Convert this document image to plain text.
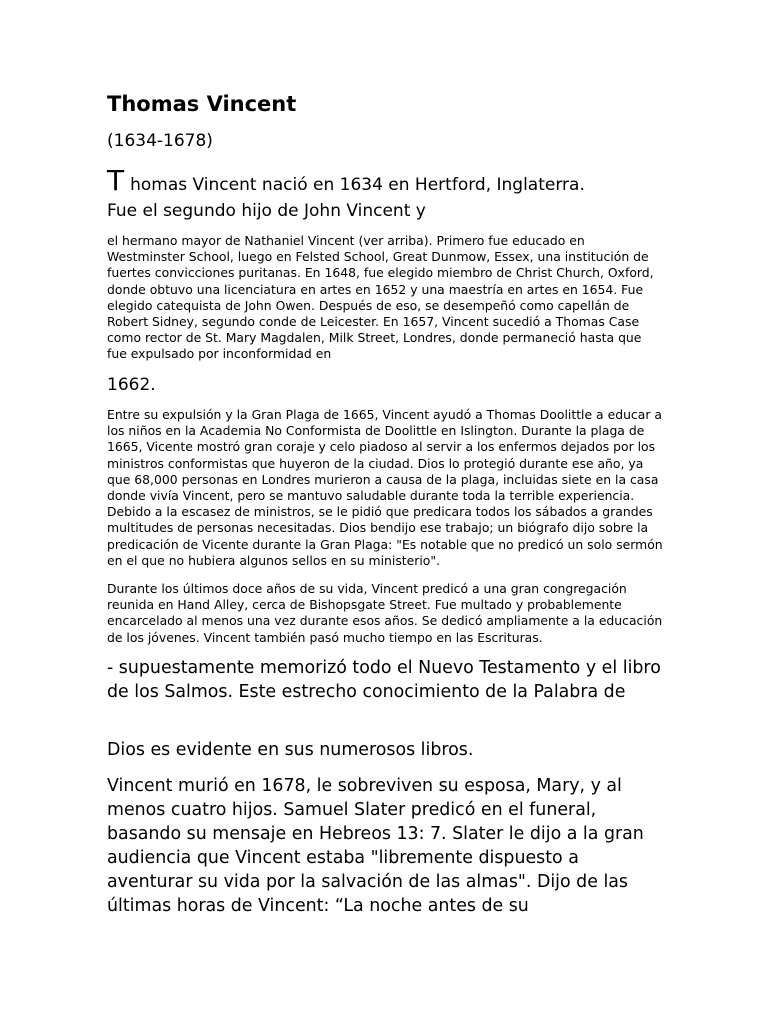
Thomas Vincent
(1634-1678)
Thomas Vincent nació en 1634 en Hertford, Inglaterra.
Fue el segundo hijo de John Vincent y

el hermano mayor de Nathaniel Vincent (ver arriba). Primero fue educado en Westminster School, luego en Felsted School, Great Dunmow, Essex, una institución de fuertes convicciones puritanas. En 1648, fue elegido miembro de Christ Church, Oxford, donde obtuvo una licenciatura en artes en 1652 y una maestría en artes en 1654. Fue elegido catequista de John Owen. Después de eso, se desempeñó como capellán de Robert Sidney, segundo conde de Leicester. En 1657, Vincent sucedió a Thomas Case como rector de St. Mary Magdalen, Milk Street, Londres, donde permaneció hasta que fue expulsado por inconformidad en

1662.

Entre su expulsión y la Gran Plaga de 1665, Vincent ayudó a Thomas Doolittle a educar a los niños en la Academia No Conformista de Doolittle en Islington. Durante la plaga de 1665, Vicente mostró gran coraje y celo piadoso al servir a los enfermos dejados por los ministros conformistas que huyeron de la ciudad. Dios lo protegió durante ese año, ya que 68,000 personas en Londres murieron a causa de la plaga, incluidas siete en la casa donde vivía Vincent, pero se mantuvo saludable durante toda la terrible experiencia. Debido a la escasez de ministros, se le pidió que predicara todos los sábados a grandes multitudes de personas necesitadas. Dios bendijo ese trabajo; un biógrafo dijo sobre la predicación de Vicente durante la Gran Plaga: "Es notable que no predicó un solo sermón en el que no hubiera algunos sellos en su ministerio".

Durante los últimos doce años de su vida, Vincent predicó a una gran congregación reunida en Hand Alley, cerca de Bishopsgate Street. Fue multado y probablemente encarcelado al menos una vez durante esos años. Se dedicó ampliamente a la educación de los jóvenes. Vincent también pasó mucho tiempo en las Escrituras.

- supuestamente memorizó todo el Nuevo Testamento y el libro de los Salmos. Este estrecho conocimiento de la Palabra de

Dios es evidente en sus numerosos libros.

Vincent murió en 1678, le sobreviven su esposa, Mary, y al menos cuatro hijos. Samuel Slater predicó en el funeral, basando su mensaje en Hebreos 13: 7. Slater le dijo a la gran audiencia que Vincent estaba "libremente dispuesto a aventurar su vida por la salvación de las almas". Dijo de las últimas horas de Vincent: “La noche antes de su
